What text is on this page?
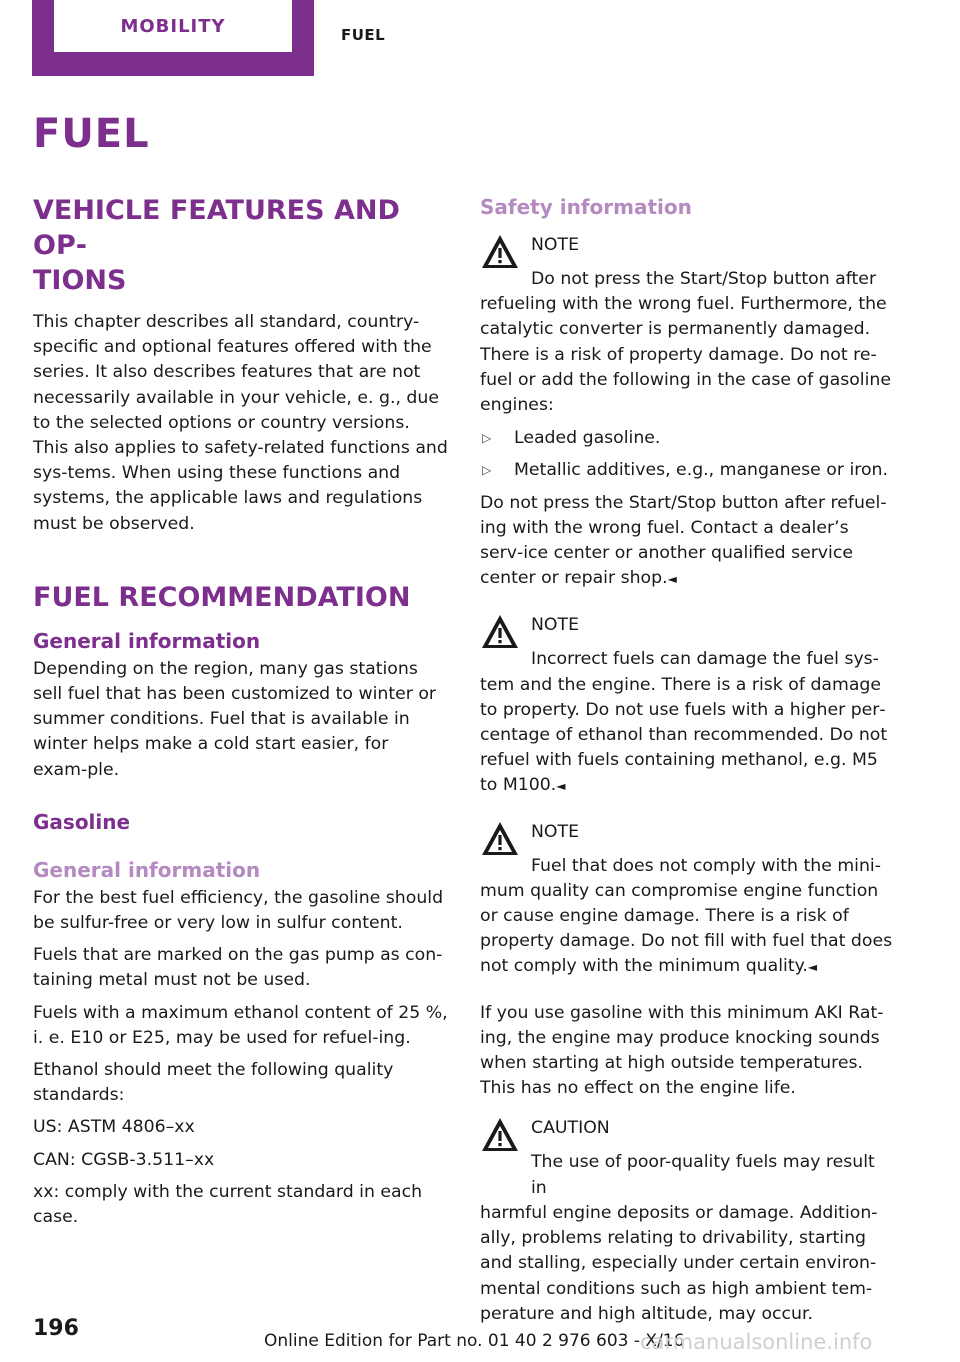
MOBILITY	FUEL
FUEL
VEHICLE FEATURES AND OP‐
TIONS

This chapter describes all standard, country-specific and optional features offered with the series. It also describes features that are not necessarily available in your vehicle, e. g., due to the selected options or country versions. This also applies to safety-related functions and sys‐tems. When using these functions and systems, the applicable laws and regulations must be observed.

FUEL RECOMMENDATION
General information

Depending on the region, many gas stations sell fuel that has been customized to winter or summer conditions. Fuel that is available in winter helps make a cold start easier, for exam‐ple.

Gasoline
General information

For the best fuel efficiency, the gasoline should be sulfur-free or very low in sulfur content.

Fuels that are marked on the gas pump as con‐taining metal must not be used.

Fuels with a maximum ethanol content of 25 %, i. e. E10 or E25, may be used for refuel‐ing.

Ethanol should meet the following quality standards:

US: ASTM 4806–xx

CAN: CGSB-3.511–xx

xx: comply with the current standard in each case.

Safety information
NOTE
Do not press the Start/Stop button after
refueling with the wrong fuel. Furthermore, the catalytic converter is permanently damaged. There is a risk of property damage. Do not re‐fuel or add the following in the case of gasoline engines:
▷ Leaded gasoline.
▷ Metallic additives, e.g., manganese or iron.

Do not press the Start/Stop button after refuel‐ing with the wrong fuel. Contact a dealer’s serv‐ice center or another qualified service center or repair shop.◄

NOTE
Incorrect fuels can damage the fuel sys‐
tem and the engine. There is a risk of damage to property. Do not use fuels with a higher per‐centage of ethanol than recommended. Do not refuel with fuels containing methanol, e.g. M5 to M100.◄
NOTE
Fuel that does not comply with the mini‐
mum quality can compromise engine function or cause engine damage. There is a risk of property damage. Do not fill with fuel that does not comply with the minimum quality.◄

If you use gasoline with this minimum AKI Rat‐ing, the engine may produce knocking sounds when starting at high outside temperatures. This has no effect on the engine life.

CAUTION
The use of poor-quality fuels may result in
harmful engine deposits or damage. Addition‐ally, problems relating to drivability, starting and stalling, especially under certain environ‐mental conditions such as high ambient tem‐perature and high altitude, may occur.
196	Online Edition for Part no. 01 40 2 976 603 - X/16
carmanualsonline.info
